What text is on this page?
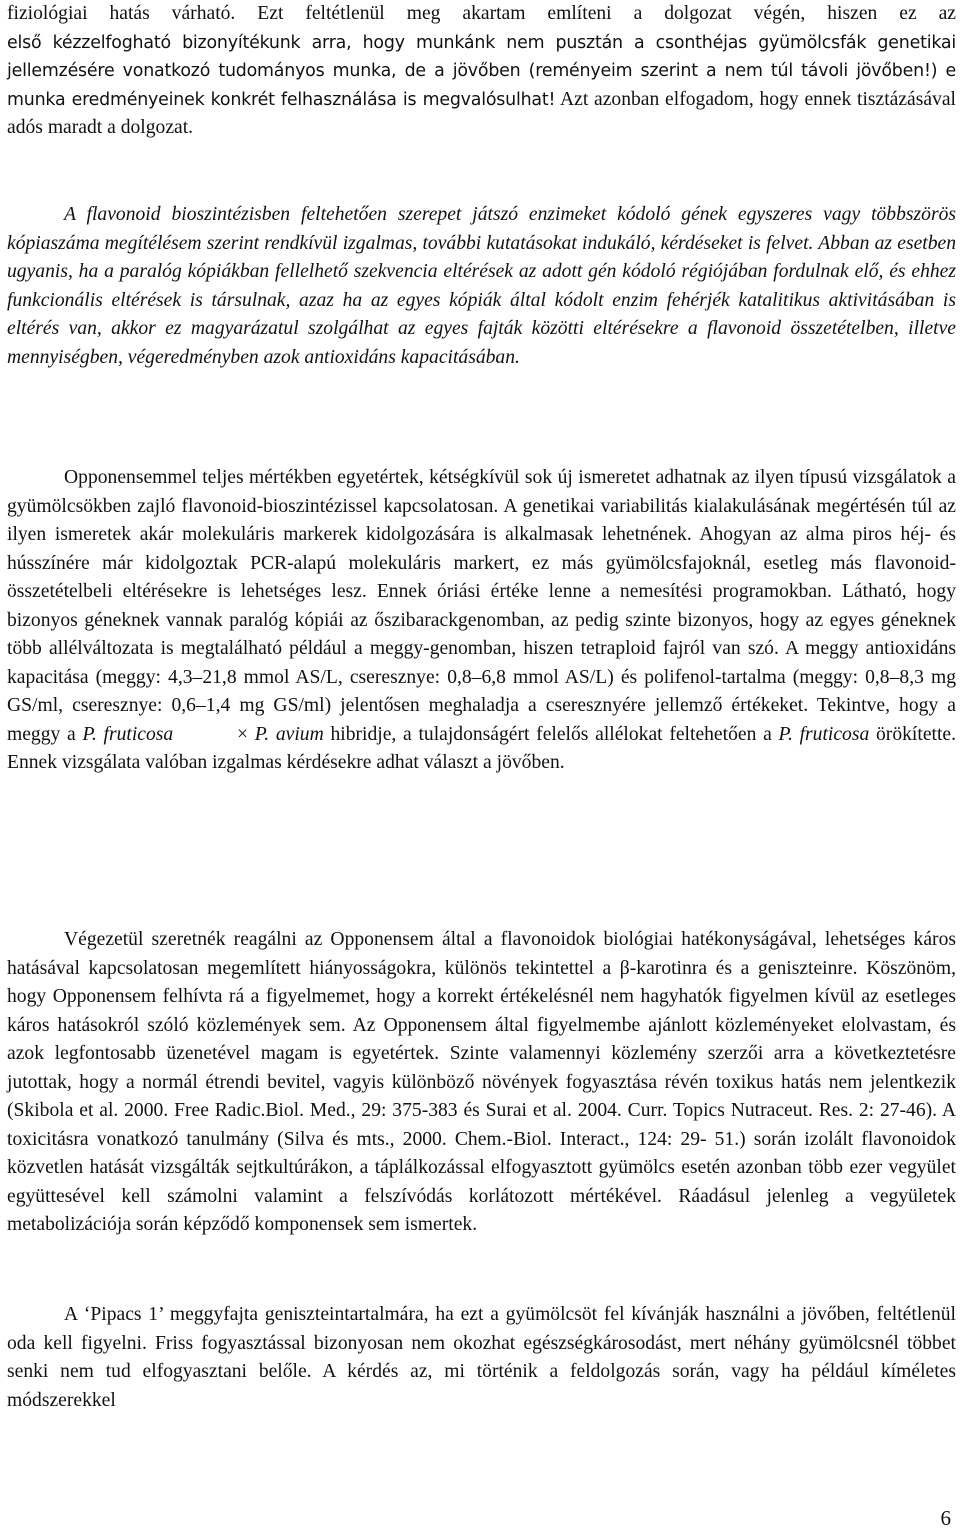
fiziológiai hatás várható. Ezt feltétlenül meg akartam említeni a dolgozat végén, hiszen ez az
első kézzelfogható bizonyítékunk arra, hogy munkánk nem pusztán a csonthéjas gyümölcsfák genetikai jellemzésére vonatkozó tudományos munka, de a jövőben (reményeim szerint a nem túl távoli jövőben!) e munka eredményeinek konkrét felhasználása is megvalósulhat! Azt azonban elfogadom, hogy ennek tisztázásával adós maradt a dolgozat.

A flavonoid bioszintézisben feltehetően szerepet játszó enzimeket kódoló gének egyszeres vagy többszörös kópiaszáma megítélésem szerint rendkívül izgalmas, további kutatásokat indukáló, kérdéseket is felvet. Abban az esetben ugyanis, ha a paralóg kópiákban fellelhető szekvencia eltérések az adott gén kódoló régiójában fordulnak elő, és ehhez funkcionális eltérések is társulnak, azaz ha az egyes kópiák által kódolt enzim fehérjék katalitikus aktivitásában is eltérés van, akkor ez magyarázatul szolgálhat az egyes fajták közötti eltérésekre a flavonoid összetételben, illetve mennyiségben, végeredményben azok antioxidáns kapacitásában.

Opponensemmel teljes mértékben egyetértek, kétségkívül sok új ismeretet adhatnak az ilyen típusú vizsgálatok a gyümölcsökben zajló flavonoid-bioszintézissel kapcsolatosan. A genetikai variabilitás kialakulásának megértésén túl az ilyen ismeretek akár molekuláris markerek kidolgozására is alkalmasak lehetnének. Ahogyan az alma piros héj- és hússzínére már kidolgoztak PCR-alapú molekuláris markert, ez más gyümölcsfajoknál, esetleg más flavonoid-összetételbeli eltérésekre is lehetséges lesz. Ennek óriási értéke lenne a nemesítési programokban. Látható, hogy bizonyos géneknek vannak paralóg kópiái az őszibarackgenomban, az pedig szinte bizonyos, hogy az egyes géneknek több allélváltozata is megtalálható például a meggy-genomban, hiszen tetraploid fajról van szó. A meggy antioxidáns kapacitása (meggy: 4,3–21,8 mmol AS/L, cseresznye: 0,8–6,8 mmol AS/L) és polifenol-tartalma (meggy: 0,8–8,3 mg GS/ml, cseresznye: 0,6–1,4 mg GS/ml) jelentősen meghaladja a cseresznyére jellemző értékeket. Tekintve, hogy a meggy a P. fruticosa	× P. avium hibridje, a tulajdonságért felelős allélokat feltehetően a P. fruticosa örökítette. Ennek vizsgálata valóban izgalmas kérdésekre adhat választ a jövőben.

Végezetül szeretnék reagálni az Opponensem által a flavonoidok biológiai hatékonyságával, lehetséges káros hatásával kapcsolatosan megemlített hiányosságokra, különös tekintettel a β-karotinra és a geniszteinre. Köszönöm, hogy Opponensem felhívta rá a figyelmemet, hogy a korrekt értékelésnél nem hagyhatók figyelmen kívül az esetleges káros hatásokról szóló közlemények sem. Az Opponensem által figyelmembe ajánlott közleményeket elolvastam, és azok legfontosabb üzenetével magam is egyetértek. Szinte valamennyi közlemény szerzői arra a következtetésre jutottak, hogy a normál étrendi bevitel, vagyis különböző növények fogyasztása révén toxikus hatás nem jelentkezik (Skibola et al. 2000. Free Radic.Biol. Med., 29: 375-383 és Surai et al. 2004. Curr. Topics Nutraceut. Res. 2: 27-46). A toxicitásra vonatkozó tanulmány (Silva és mts., 2000. Chem.-Biol. Interact., 124: 29- 51.) során izolált flavonoidok közvetlen hatását vizsgálták sejtkultúrákon, a táplálkozással elfogyasztott gyümölcs esetén azonban több ezer vegyület együttesével kell számolni valamint a felszívódás korlátozott mértékével. Ráadásul jelenleg a vegyületek metabolizációja során képződő komponensek sem ismertek.

A ‘Pipacs 1’ meggyfajta geniszteintartalmára, ha ezt a gyümölcsöt fel kívánják használni a jövőben, feltétlenül oda kell figyelni. Friss fogyasztással bizonyosan nem okozhat egészségkárosodást, mert néhány gyümölcsnél többet senki nem tud elfogyasztani belőle. A kérdés az, mi történik a feldolgozás során, vagy ha például kíméletes módszerekkel

6
